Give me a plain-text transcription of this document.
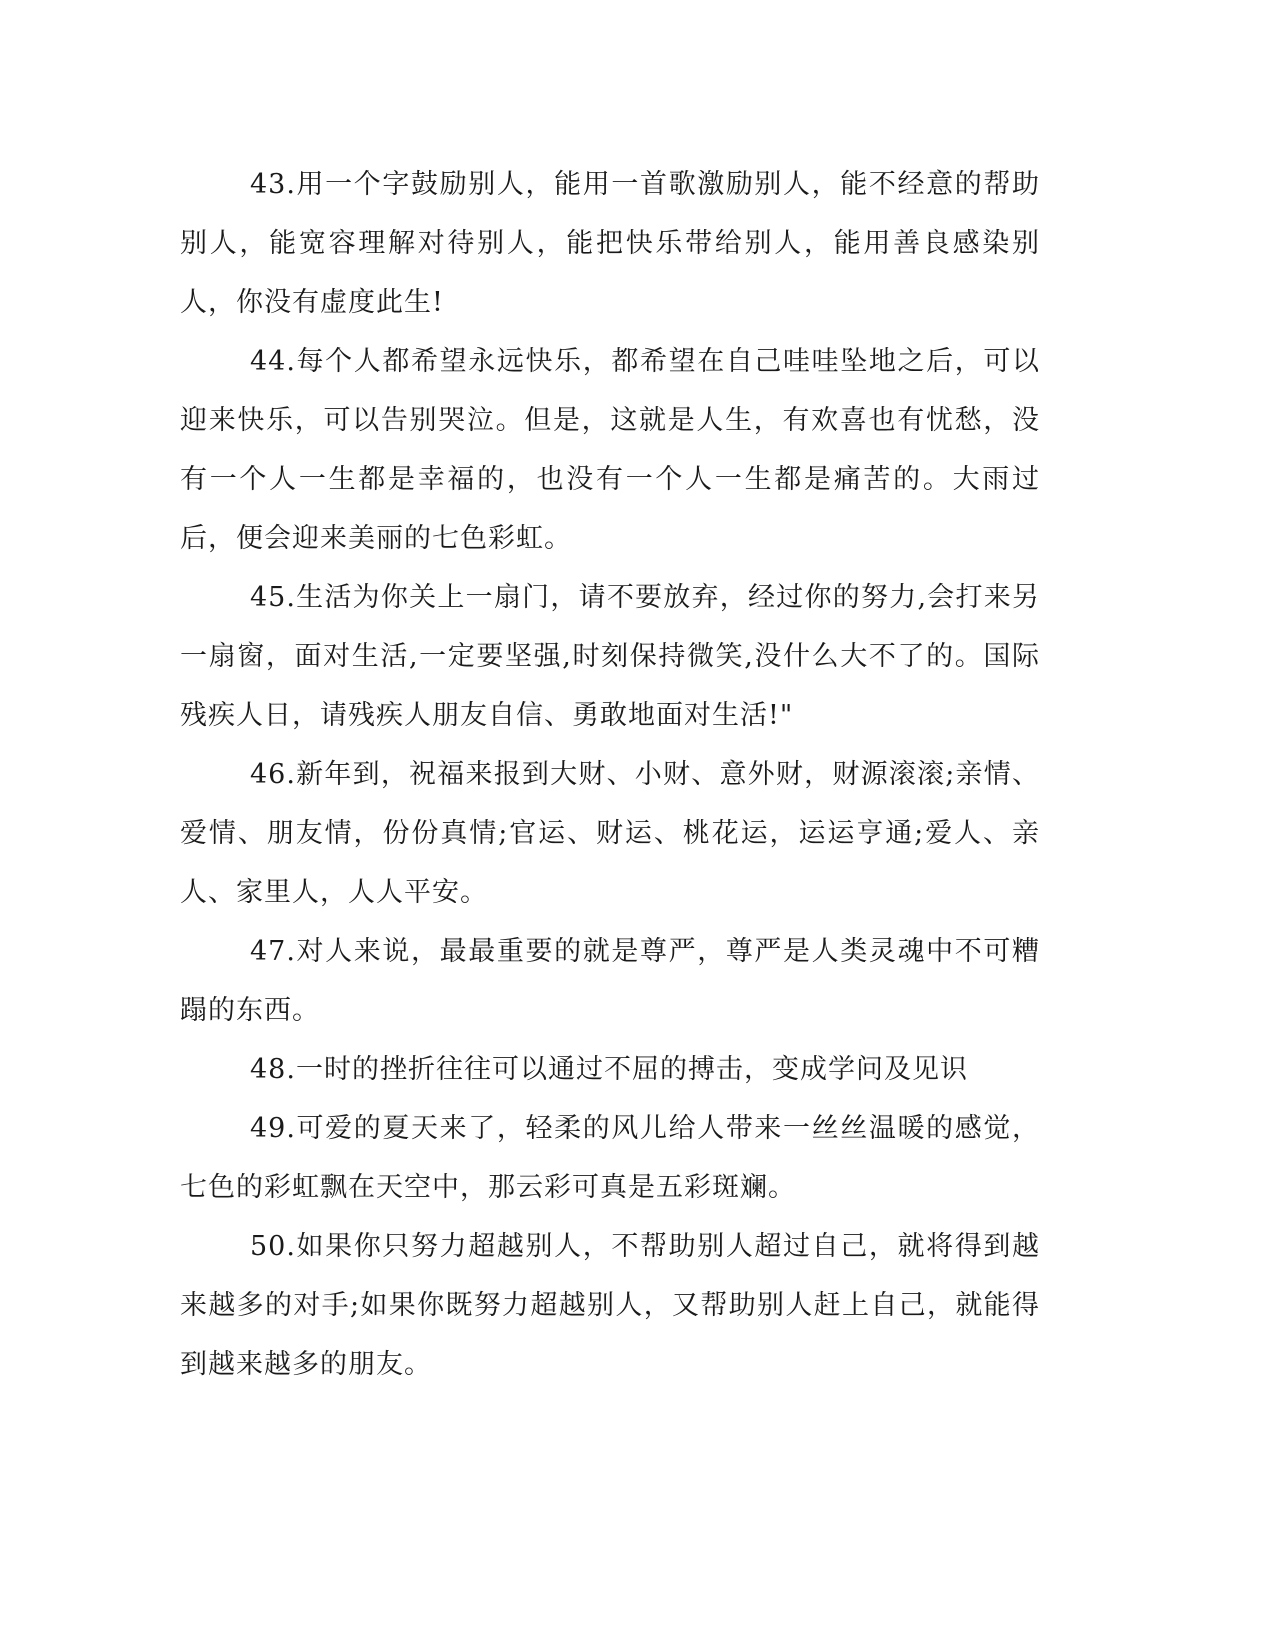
43.用一个字鼓励别人，能用一首歌激励别人，能不经意的帮助别人，能宽容理解对待别人，能把快乐带给别人，能用善良感染别人，你没有虚度此生!

44.每个人都希望永远快乐，都希望在自己哇哇坠地之后，可以迎来快乐，可以告别哭泣。但是，这就是人生，有欢喜也有忧愁，没有一个人一生都是幸福的，也没有一个人一生都是痛苦的。大雨过后，便会迎来美丽的七色彩虹。

45.生活为你关上一扇门，请不要放弃，经过你的努力,会打来另一扇窗，面对生活,一定要坚强,时刻保持微笑,没什么大不了的。国际残疾人日，请残疾人朋友自信、勇敢地面对生活!"

46.新年到，祝福来报到大财、小财、意外财，财源滚滚;亲情、爱情、朋友情，份份真情;官运、财运、桃花运，运运亨通;爱人、亲人、家里人，人人平安。

47.对人来说，最最重要的就是尊严，尊严是人类灵魂中不可糟蹋的东西。

48.一时的挫折往往可以通过不屈的搏击，变成学问及见识

49.可爱的夏天来了，轻柔的风儿给人带来一丝丝温暖的感觉，七色的彩虹飘在天空中，那云彩可真是五彩斑斓。

50.如果你只努力超越别人，不帮助别人超过自己，就将得到越来越多的对手;如果你既努力超越别人，又帮助别人赶上自己，就能得到越来越多的朋友。
